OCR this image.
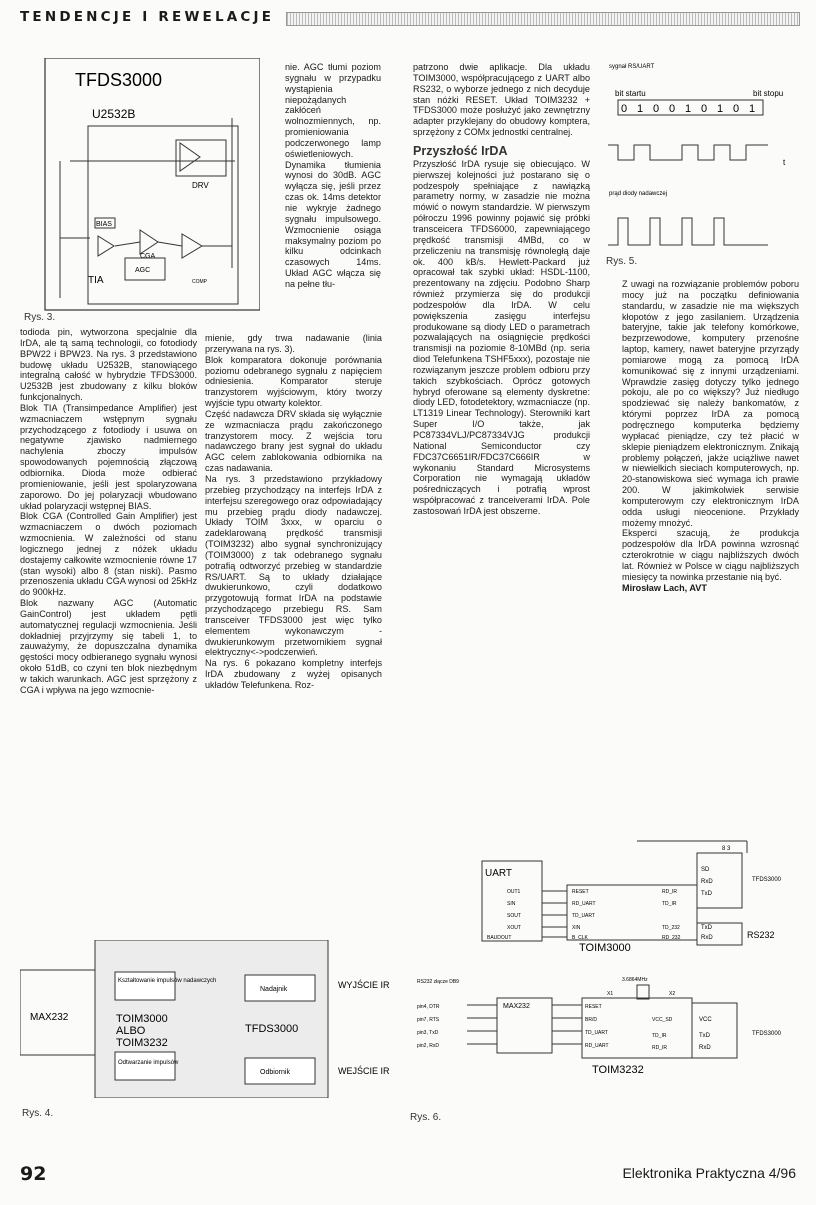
TENDENCJE I REWELACJE
TFDS3000
U2532B
DRV
BIAS
CGA
AGC
TIA	COMP
Rys. 3.

todioda pin, wytworzona specjalnie dla IrDA, ale tą samą technologii, co fotodiody BPW22 i BPW23. Na rys. 3 przedstawiono budowę układu U2532B, stanowiącego integralną całość w hybrydzie TFDS3000. U2532B jest zbudowany z kilku bloków funkcjonalnych.

Blok TIA (Transimpedance Amplifier) jest wzmacniaczem wstępnym sygnału przychodzącego z fotodiody i usuwa on negatywne zjawisko nadmiernego nachylenia zboczy impulsów spowodowanych pojemnością złączową odbiornika. Dioda może odbierać promieniowanie, jeśli jest spolaryzowana zaporowo. Do jej polaryzacji wbudowano układ polaryzacji wstępnej BIAS.

Blok CGA (Controlled Gain Amplifier) jest wzmacniaczem o dwóch poziomach wzmocnienia. W zależności od stanu logicznego jednej z nóżek układu dostajemy całkowite wzmocnienie równe 17 (stan wysoki) albo 8 (stan niski). Pasmo przenoszenia układu CGA wynosi od 25kHz do 900kHz.

Blok nazwany AGC (Automatic GainControl) jest układem pętli automatycznej regulacji wzmocnienia. Jeśli dokładniej przyjrzymy się tabeli 1, to zauważymy, że dopuszczalna dynamika gęstości mocy odbieranego sygnału wynosi około 51dB, co czyni ten blok niezbędnym w takich warunkach. AGC jest sprzężony z CGA i wpływa na jego wzmocnie-

nie. AGC tłumi poziom sygnału w przypadku wystąpienia niepożądanych zakłóceń wolnozmiennych, np. promieniowania podczerwonego lamp oświetleniowych. Dynamika tłumienia wynosi do 30dB. AGC wyłącza się, jeśli przez czas ok. 14ms detektor nie wykryje żadnego sygnału impulsowego. Wzmocnienie osiąga maksymalny poziom po kilku odcinkach czasowych 14ms. Układ AGC włącza się na pełne tłu-

mienie, gdy trwa nadawanie (linia przerywana na rys. 3).

Blok komparatora dokonuje porównania poziomu odebranego sygnału z napięciem odniesienia. Komparator steruje tranzystorem wyjściowym, który tworzy wyjście typu otwarty kolektor.

Część nadawcza DRV składa się wyłącznie ze wzmacniacza prądu zakończonego tranzystorem mocy. Z wejścia toru nadawczego brany jest sygnał do układu AGC celem zablokowania odbiornika na czas nadawania.

Na rys. 3 przedstawiono przykładowy przebieg przychodzący na interfejs IrDA z interfejsu szeregowego oraz odpowiadający mu przebieg prądu diody nadawczej. Układy TOIM 3xxx, w oparciu o zadeklarowaną prędkość transmisji (TOIM3232) albo sygnał synchronizujący (TOIM3000) z tak odebranego sygnału potrafią odtworzyć przebieg w standardzie RS/UART. Są to układy działające dwukierunkowo, czyli dodatkowo przygotowują format IrDA na podstawie przychodzącego przebiegu RS. Sam transceiver TFDS3000 jest więc tylko elementem wykonawczym - dwukierunkowym przetwornikiem sygnał elektryczny<->podczerwień.

Na rys. 6 pokazano kompletny interfejs IrDA zbudowany z wyżej opisanych układów Telefunkena. Roz-

patrzono dwie aplikacje. Dla układu TOIM3000, współpracującego z UART albo RS232, o wyborze jednego z nich decyduje stan nóżki RESET. Układ TOIM3232 + TFDS3000 może posłużyć jako zewnętrzny adapter przyklejany do obudowy komptera, sprzężony z COMx jednostki centralnej.

Przyszłość IrDA

Przyszłość IrDA rysuje się obiecująco. W pierwszej kolejności już postarano się o podzespoły spełniające z nawiązką parametry normy, w zasadzie nie można mówić o nowym standardzie. W pierwszym półroczu 1996 powinny pojawić się próbki transceicera TFDS6000, zapewniającego prędkość transmisji 4MBd, co w przeliczeniu na transmisję równoległą daje ok. 400 kB/s. Hewlett-Packard już opracował tak szybki układ: HSDL-1100, prezentowany na zdjęciu. Podobno Sharp również przymierza się do produkcji podzespołów dla IrDA. W celu powiększenia zasięgu interfejsu produkowane są diody LED o parametrach pozwalających na osiągnięcie prędkości transmisji na poziomie 8-10MBd (np. seria diod Telefunkena TSHF5xxx), pozostaje nie rozwiązanym jeszcze problem odbioru przy takich szybkościach. Oprócz gotowych hybryd oferowane są elementy dyskretne: diody LED, fotodetektory, wzmacniacze (np. LT1319 Linear Technology). Sterowniki kart Super I/O także, jak PC87334VLJ/PC87334VJG produkcji National Semiconductor czy FDC37C6651IR/FDC37C666IR w wykonaniu Standard Microsystems Corporation nie wymagają układów pośredniczących i potrafią wprost współpracować z tranceiverami IrDA. Pole zastosowań IrDA jest obszerne.

sygnał RS/UART
bit startu	bit stopu
0 1 0 0 1 0 1 0 1
t
prąd diody nadawczej
Rys. 5.

Z uwagi na rozwiązanie problemów poboru mocy już na początku definiowania standardu, w zasadzie nie ma większych kłopotów z jego zasilaniem. Urządzenia bateryjne, takie jak telefony komórkowe, bezprzewodowe, komputery przenośne laptop, kamery, nawet bateryjne przyrządy pomiarowe mogą za pomocą IrDA komunikować się z innymi urządzeniami. Wprawdzie zasięg dotyczy tylko jednego pokoju, ale po co większy? Już niedługo spodziewać się należy bankomatów, z którymi poprzez IrDA za pomocą podręcznego komputerka będziemy wypłacać pieniądze, czy też płacić w sklepie pieniądzem elektronicznym. Znikają problemy połączeń, jakże uciążliwe nawet w niewielkich sieciach komputerowych, np. 20-stanowiskowa sieć wymaga ich prawie 200. W jakimkolwiek serwisie komputerowym czy elektronicznym IrDA odda usługi nieocenione. Przykłady możemy mnożyć.

Eksperci szacują, że produkcja podzespołów dla IrDA powinna wzrosnąć czterokrotnie w ciągu najbliższych dwóch lat. Również w Polsce w ciągu najbliższych miesięcy ta nowinka przestanie nią być.

Mirosław Lach, AVT

MAX232
Kształtowanie impulsów nadawczych
TOIM3000
ALBO
TOIM3232
Odtwarzanie impulsów
Nadajnik
TFDS3000
Odbiornik
WYJŚCIE IR
WEJŚCIE IR
Rys. 4.
UART
OUT1
SIN
SOUT
XOUT
BAUDOUT
RESET
RD_UART
TD_UART
XIN
B_CLK
RD_IR
TD_IR
TD_232
RD_232
TOIM3000
8 3
SD
RxD
TxD
TxD
RxD
TFDS3000
RS232
RS232 złącze DB9
pin4, DTR
pin7, RTS
pin3, TxD
pin2, RxD
MAX232
3.6864MHz
X1	X2
RESET
BR/D
TD_UART
RD_UART
VCC_SD
TD_IR
RD_IR
VCC
TxD
RxD
TFDS3000
TOIM3232
Rys. 6.
92	Elektronika Praktyczna 4/96
